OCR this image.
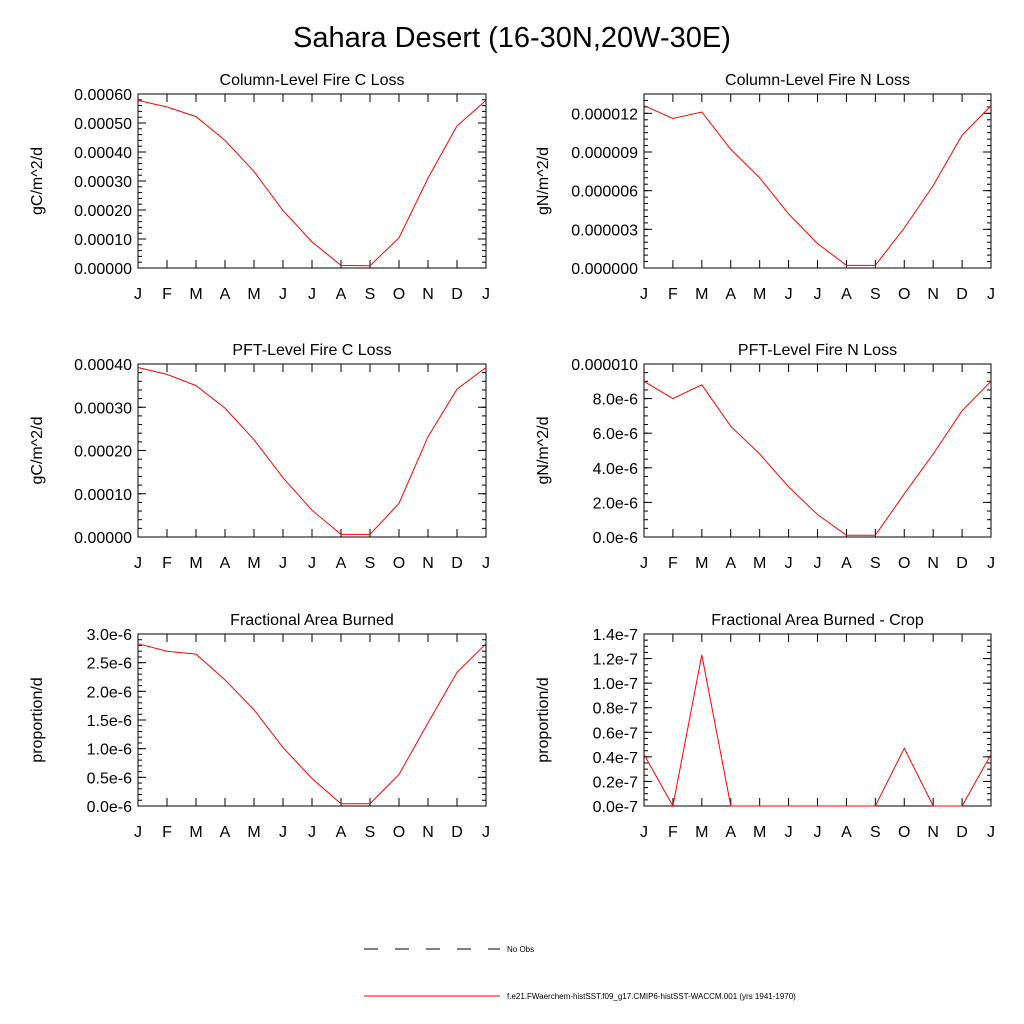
Sahara Desert (16-30N,20W-30E)
Column-Level Fire C Loss
gC/m^2/d
J F M A M J J A S O N D J
0.00000
0.00010
0.00020
0.00030
0.00040
0.00050
0.00060
Column-Level Fire N Loss
gN/m^2/d
J F M A M J J A S O N D J
0.000000
0.000003
0.000006
0.000009
0.000012
PFT-Level Fire C Loss
gC/m^2/d
J F M A M J J A S O N D J
0.00000
0.00010
0.00020
0.00030
0.00040
PFT-Level Fire N Loss
gN/m^2/d
J F M A M J J A S O N D J
0.0e-6
2.0e-6
4.0e-6
6.0e-6
8.0e-6
0.000010
Fractional Area Burned
proportion/d
J F M A M J J A S O N D J
0.0e-6
0.5e-6
1.0e-6
1.5e-6
2.0e-6
2.5e-6
3.0e-6
Fractional Area Burned - Crop
proportion/d
J F M A M J J A S O N D J
0.0e-7
0.2e-7
0.4e-7
0.6e-7
0.8e-7
1.0e-7
1.2e-7
1.4e-7
No Obs
f.e21.FWaerchem-histSST.f09_g17.CMIP6-histSST-WACCM.001 (yrs 1941-1970)
